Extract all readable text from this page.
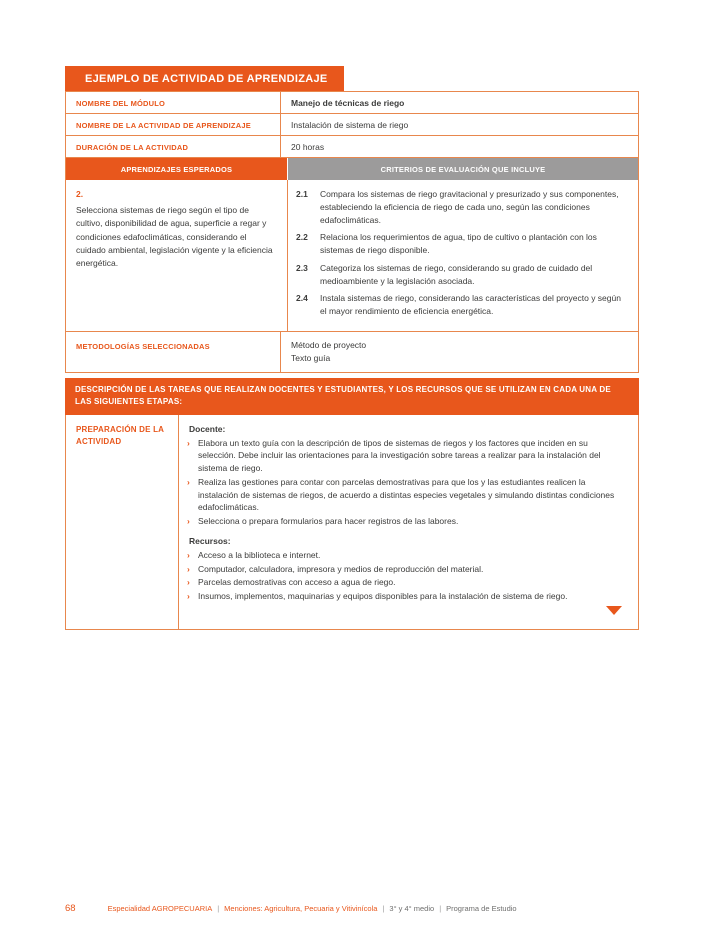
EJEMPLO DE ACTIVIDAD DE APRENDIZAJE
NOMBRE DEL MÓDULO	Manejo de técnicas de riego
NOMBRE DE LA ACTIVIDAD DE APRENDIZAJE	Instalación de sistema de riego
DURACIÓN DE LA ACTIVIDAD	20 horas
APRENDIZAJES ESPERADOS	CRITERIOS DE EVALUACIÓN QUE INCLUYE
2.
Selecciona sistemas de riego según el tipo de cultivo, disponibilidad de agua, superficie a regar y condiciones edafoclimáticas, considerando el cuidado ambiental, legislación vigente y la eficiencia energética.
2.1	Compara los sistemas de riego gravitacional y presurizado y sus componentes, estableciendo la eficiencia de riego de cada uno, según las condiciones edafoclimáticas.
2.2	Relaciona los requerimientos de agua, tipo de cultivo o plantación con los sistemas de riego disponible.
2.3	Categoriza los sistemas de riego, considerando su grado de cuidado del medioambiente y la legislación asociada.
2.4	Instala sistemas de riego, considerando las características del proyecto y según el mayor rendimiento de eficiencia energética.
METODOLOGÍAS SELECCIONADAS	Método de proyecto
Texto guía
DESCRIPCIÓN DE LAS TAREAS QUE REALIZAN DOCENTES Y ESTUDIANTES, Y LOS RECURSOS QUE SE UTILIZAN EN CADA UNA DE LAS SIGUIENTES ETAPAS:
PREPARACIÓN DE LA ACTIVIDAD
Docente:
› Elabora un texto guía con la descripción de tipos de sistemas de riegos y los factores que inciden en su selección. Debe incluir las orientaciones para la investigación sobre tareas a realizar para la instalación del sistema de riego.
› Realiza las gestiones para contar con parcelas demostrativas para que los y las estudiantes realicen la instalación de sistemas de riegos, de acuerdo a distintas especies vegetales y simulando distintas condiciones edafoclimáticas.
› Selecciona o prepara formularios para hacer registros de las labores.
Recursos:
› Acceso a la biblioteca e internet.
› Computador, calculadora, impresora y medios de reproducción del material.
› Parcelas demostrativas con acceso a agua de riego.
› Insumos, implementos, maquinarias y equipos disponibles para la instalación de sistema de riego.
68	Especialidad AGROPECUARIA | Menciones: Agricultura, Pecuaria y Vitivinícola | 3° y 4° medio | Programa de Estudio
